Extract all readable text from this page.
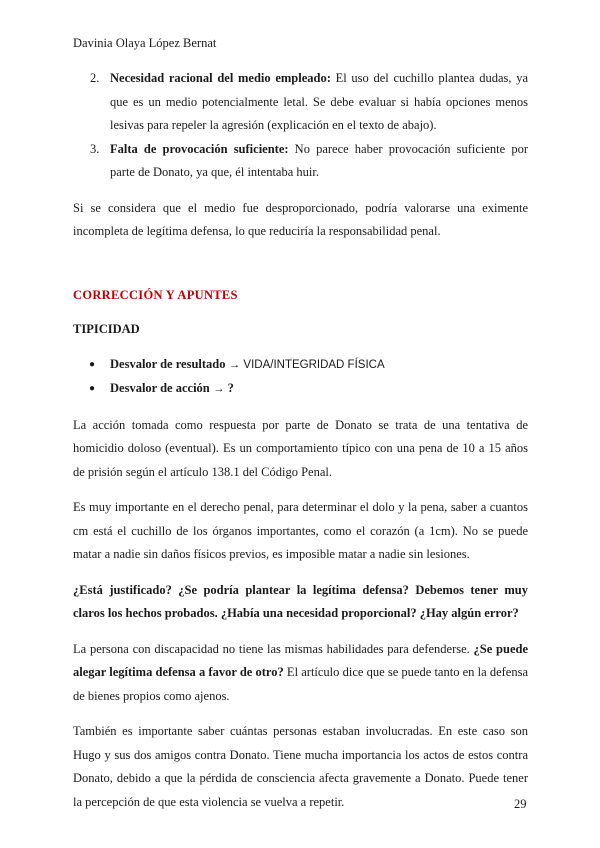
Davinia Olaya López Bernat
2. Necesidad racional del medio empleado: El uso del cuchillo plantea dudas, ya que es un medio potencialmente letal. Se debe evaluar si había opciones menos lesivas para repeler la agresión (explicación en el texto de abajo).
3. Falta de provocación suficiente: No parece haber provocación suficiente por parte de Donato, ya que, él intentaba huir.

Si se considera que el medio fue desproporcionado, podría valorarse una eximente incompleta de legítima defensa, lo que reduciría la responsabilidad penal.

CORRECCIÓN Y APUNTES
TIPICIDAD
● Desvalor de resultado → VIDA/INTEGRIDAD FÍSICA
● Desvalor de acción → ?

La acción tomada como respuesta por parte de Donato se trata de una tentativa de homicidio doloso (eventual). Es un comportamiento típico con una pena de 10 a 15 años de prisión según el artículo 138.1 del Código Penal.

Es muy importante en el derecho penal, para determinar el dolo y la pena, saber a cuantos cm está el cuchillo de los órganos importantes, como el corazón (a 1cm). No se puede matar a nadie sin daños físicos previos, es imposible matar a nadie sin lesiones.

¿Está justificado? ¿Se podría plantear la legítima defensa? Debemos tener muy claros los hechos probados. ¿Había una necesidad proporcional? ¿Hay algún error?

La persona con discapacidad no tiene las mismas habilidades para defenderse. ¿Se puede alegar legítima defensa a favor de otro? El artículo dice que se puede tanto en la defensa de bienes propios como ajenos.

También es importante saber cuántas personas estaban involucradas. En este caso son Hugo y sus dos amigos contra Donato. Tiene mucha importancia los actos de estos contra Donato, debido a que la pérdida de consciencia afecta gravemente a Donato. Puede tener la percepción de que esta violencia se vuelva a repetir.	29
